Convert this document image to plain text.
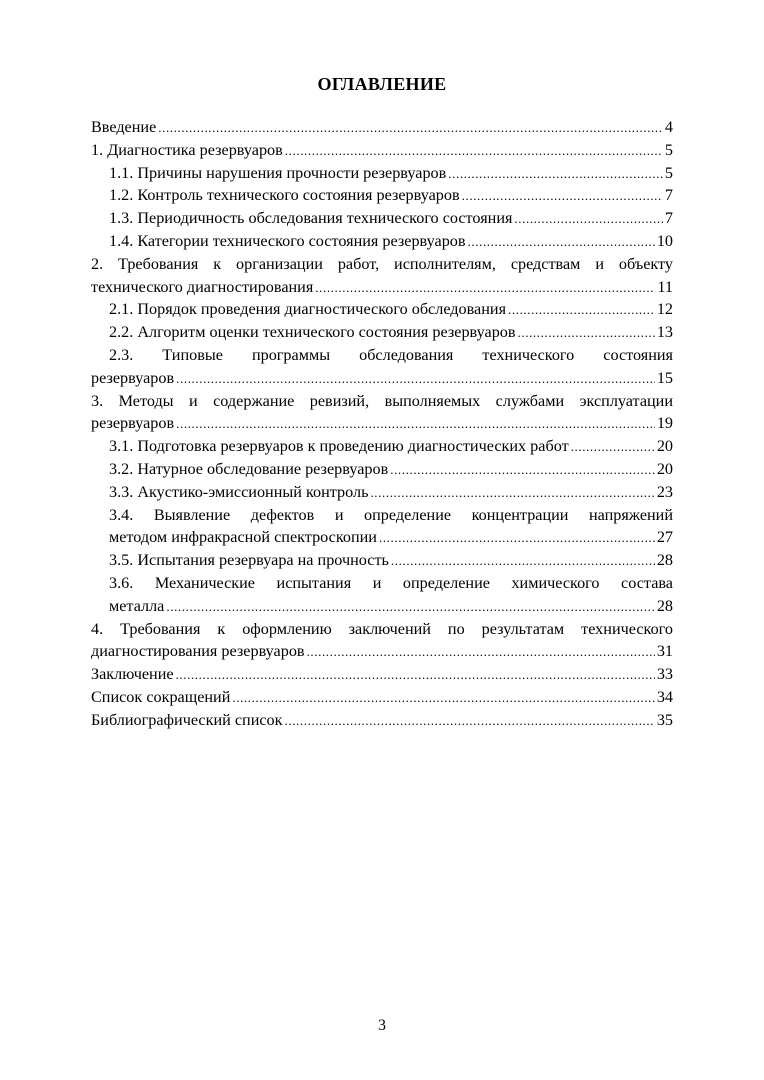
ОГЛАВЛЕНИЕ
Введение .....	4
1. Диагностика резервуаров .....	5
1.1. Причины нарушения прочности резервуаров .....	5
1.2. Контроль технического состояния резервуаров .....	7
1.3. Периодичность обследования технического состояния .....	7
1.4. Категории технического состояния резервуаров .....	10
2. Требования к организации работ, исполнителям, средствам и объекту
технического диагностирования .....	11
2.1. Порядок проведения диагностического обследования .....	12
2.2. Алгоритм оценки технического состояния резервуаров .....	13
2.3. Типовые программы обследования технического состояния
резервуаров .....	15
3. Методы и содержание ревизий, выполняемых службами эксплуатации
резервуаров .....	19
3.1. Подготовка резервуаров к проведению диагностических работ .....	20
3.2. Натурное обследование резервуаров .....	20
3.3. Акустико-эмиссионный контроль .....	23
3.4. Выявление дефектов и определение концентрации напряжений
методом инфракрасной спектроскопии .....	27
3.5. Испытания резервуара на прочность .....	28
3.6. Механические испытания и определение химического состава
металла .....	28
4. Требования к оформлению заключений по результатам технического
диагностирования резервуаров .....	31
Заключение .....	33
Список сокращений .....	34
Библиографический список .....	35
3
